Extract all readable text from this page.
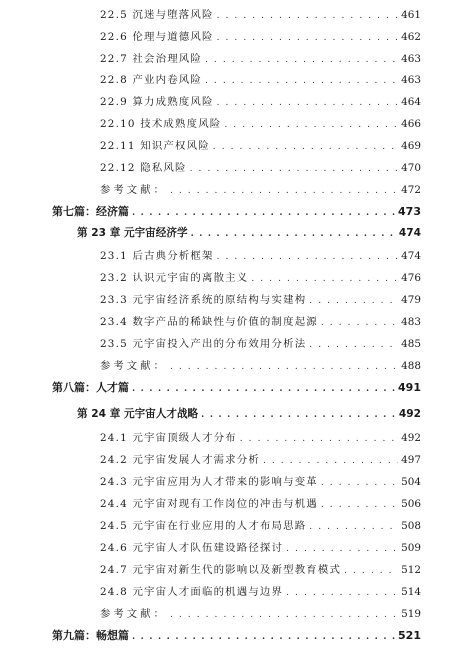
22.5 沉迷与堕落风险 . . .	461
22.6 伦理与道德风险 . . .	462
22.7 社会治理风险 . . .	463
22.8 产业内卷风险 . . .	463
22.9 算力成熟度风险 . . .	464
22.10 技术成熟度风险 . . .	466
22.11 知识产权风险 . . .	469
22.12 隐私风险 . . .	470
参考文献： . . .	472
第七篇：经济篇 . . .	473
第 23 章 元宇宙经济学 . . .	474
23.1 后古典分析框架 . . .	474
23.2 认识元宇宙的离散主义 . . .	476
23.3 元宇宙经济系统的原结构与实建构 . . .	479
23.4 数字产品的稀缺性与价值的制度起源 . . .	483
23.5 元宇宙投入产出的分布效用分析法 . . .	485
参考文献： . . .	488
第八篇：人才篇 . . .	491
第 24 章 元宇宙人才战略 . . .	492
24.1 元宇宙顶级人才分布 . . .	492
24.2 元宇宙发展人才需求分析 . . .	497
24.3 元宇宙应用为人才带来的影响与变革 . . .	504
24.4 元宇宙对现有工作岗位的冲击与机遇 . . .	506
24.5 元宇宙在行业应用的人才布局思路 . . .	508
24.6 元宇宙人才队伍建设路径探讨 . . .	509
24.7 元宇宙对新生代的影响以及新型教育模式 . . .	512
24.8 元宇宙人才面临的机遇与边界 . . .	514
参考文献： . . .	519
第九篇：畅想篇 . . .	521
